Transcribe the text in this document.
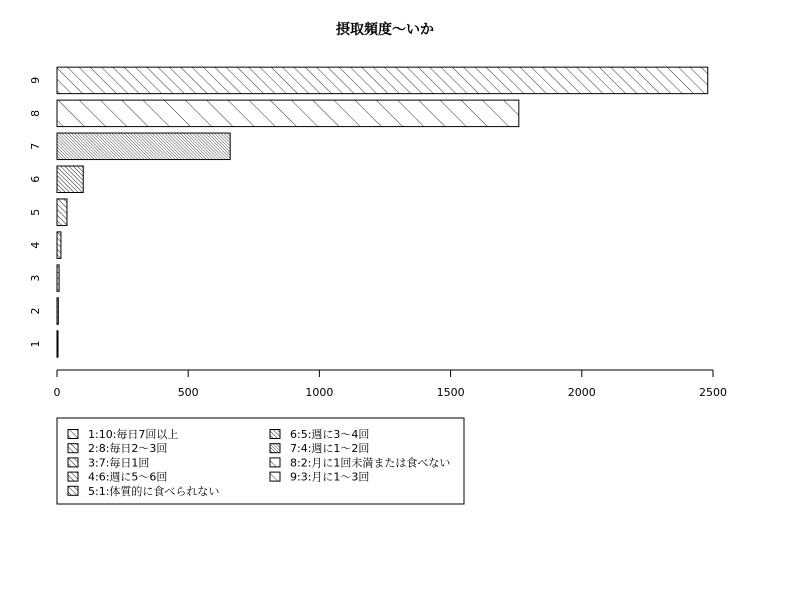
摂取頻度〜いか
1
2
3
4
5
6
7
8
9
0	500	1000	1500	2000	2500
1:10:毎日7回以上
2:8:毎日2〜3回
3:7:毎日1回
4:6:週に5〜6回
5:1:体質的に食べられない
6:5:週に3〜4回
7:4:週に1〜2回
8:2:月に1回未満または食べない
9:3:月に1〜3回
